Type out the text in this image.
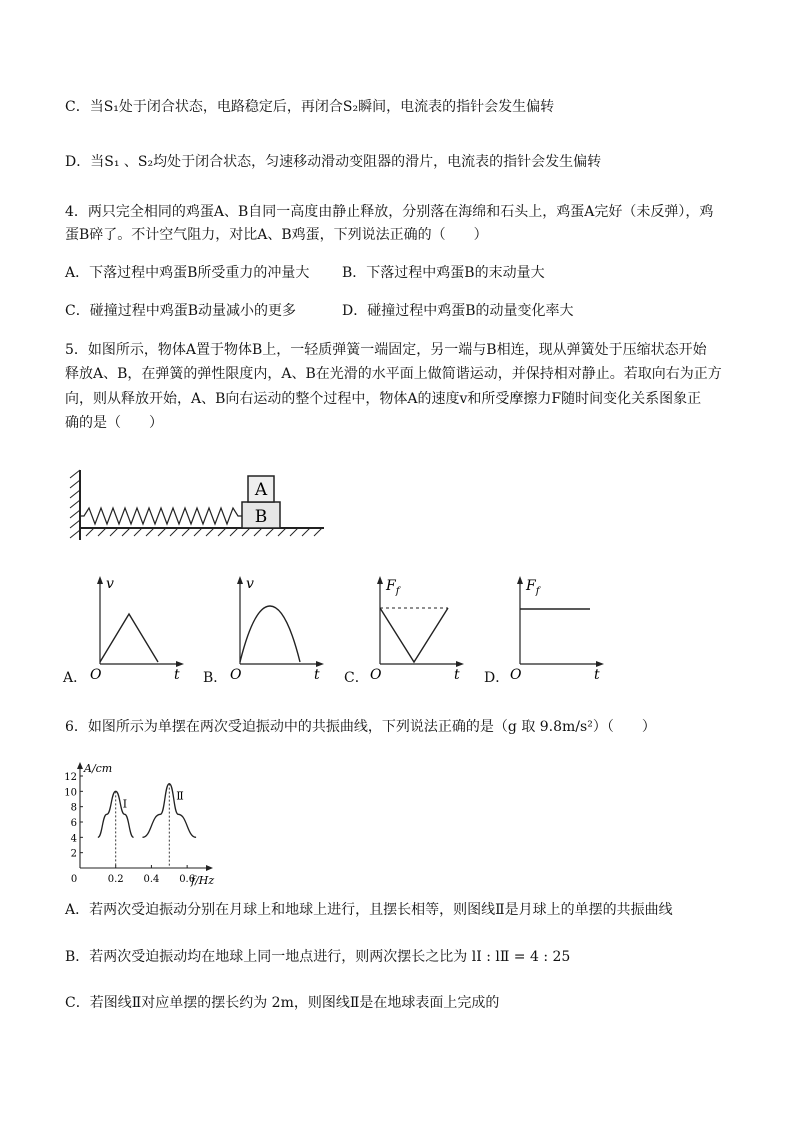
C．当S₁处于闭合状态，电路稳定后，再闭合S₂瞬间，电流表的指针会发生偏转
D．当S₁ 、S₂均处于闭合状态，匀速移动滑动变阻器的滑片，电流表的指针会发生偏转
4．两只完全相同的鸡蛋A、B自同一高度由静止释放，分别落在海绵和石头上，鸡蛋A完好（未反弹），鸡
蛋B碎了。不计空气阻力，对比A、B鸡蛋，下列说法正确的（　　）
A．下落过程中鸡蛋B所受重力的冲量大 B．下落过程中鸡蛋B的末动量大
C．碰撞过程中鸡蛋B动量减小的更多	D．碰撞过程中鸡蛋B的动量变化率大
5．如图所示，物体A置于物体B上，一轻质弹簧一端固定，另一端与B相连，现从弹簧处于压缩状态开始
释放A、B，在弹簧的弹性限度内，A、B在光滑的水平面上做简谐运动，并保持相对静止。若取向右为正方
向，则从释放开始，A、B向右运动的整个过程中，物体A的速度v和所受摩擦力F随时间变化关系图象正
确的是（　　）
B
A
A．
v
O	t B．
v
O	t C．
$F_f$
O	t D．
$F_f$
O	t
6．如图所示为单摆在两次受迫振动中的共振曲线，下列说法正确的是（g 取 9.8m/s²）（　　）
A/cm
f/Hz
2
4
6
8
10
12
0	0.2 0.4 0.6
Ⅰ
Ⅱ
A．若两次受迫振动分别在月球上和地球上进行，且摆长相等，则图线Ⅱ是月球上的单摆的共振曲线
B．若两次受迫振动均在地球上同一地点进行，则两次摆长之比为 lⅠ : lⅡ = 4 : 25
C．若图线Ⅱ对应单摆的摆长约为 2m，则图线Ⅱ是在地球表面上完成的
